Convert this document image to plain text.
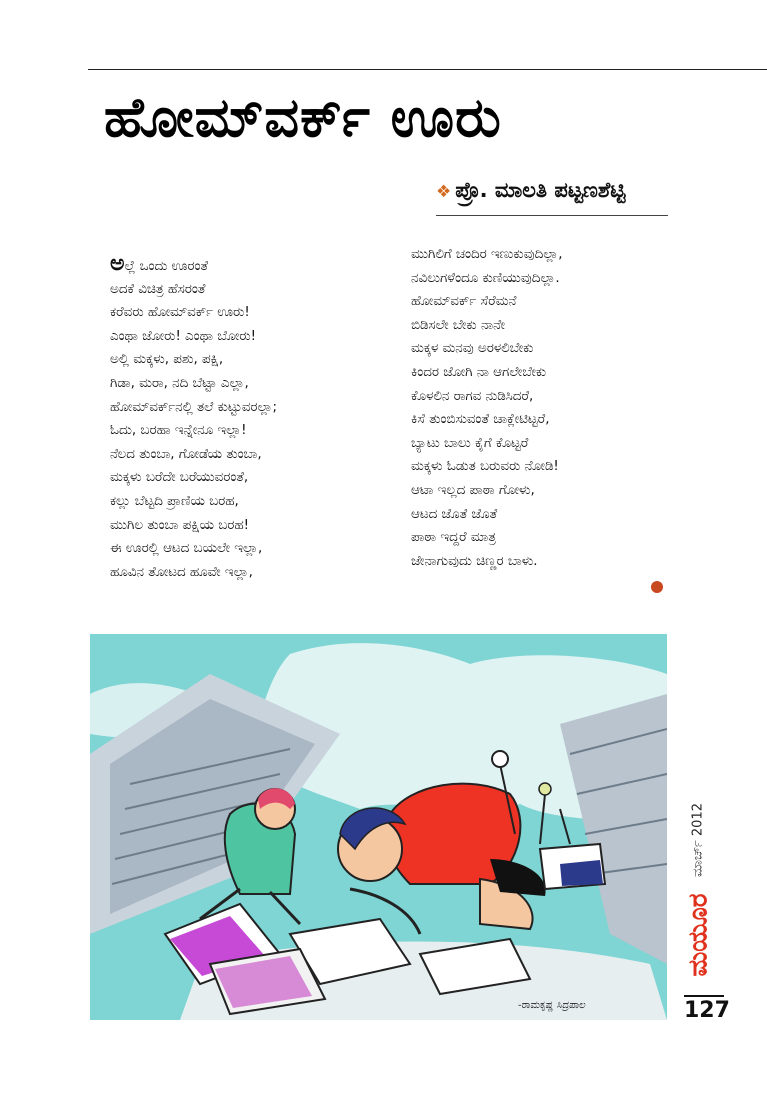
ಹೋಮ್‌ವರ್ಕ್ ಊರು
❖ ಪ್ರೊ. ಮಾಲತಿ ಪಟ್ಟಣಶೆಟ್ಟಿ
ಅಲ್ಲೆ ಒಂದು ಊರಂತೆ
ಅದಕೆ ವಿಚಿತ್ರ ಹೆಸರಂತೆ
ಕರೆವರು ಹೋಮ್‌ವರ್ಕ್ ಊರು!
ಎಂಥಾ ಜೋರು! ಎಂಥಾ ಬೋರು!
ಅಲ್ಲಿ ಮಕ್ಕಳು, ಪಶು, ಪಕ್ಷಿ,
ಗಿಡಾ, ಮರಾ, ನದಿ ಬೆಟ್ಟಾ ಎಲ್ಲಾ,
ಹೋಮ್‌ವರ್ಕ್‌ನಲ್ಲಿ ತಲೆ ಕುಟ್ಟುವರಲ್ಲಾ;
ಓದು, ಬರಹಾ ಇನ್ನೇನೂ ಇಲ್ಲಾ!
ನೆಲದ ತುಂಬಾ, ಗೋಡೆಯ ತುಂಬಾ,
ಮಕ್ಕಳು ಬರೆದೇ ಬರೆಯುವರಂತೆ,
ಕಲ್ಲು ಬೆಟ್ಟದಿ ಪ್ರಾಣಿಯ ಬರಹ,
ಮುಗಿಲ ತುಂಬಾ ಪಕ್ಷಿಯ ಬರಹ!
ಈ ಊರಲ್ಲಿ ಆಟದ ಬಯಲೇ ಇಲ್ಲಾ,
ಹೂವಿನ ತೋಟದ ಹೂವೇ ಇಲ್ಲಾ,
ಮುಗಿಲಿಗೆ ಚಂದಿರ ಇಣುಕುವುದಿಲ್ಲಾ,
ನವಿಲುಗಳೆಂದೂ ಕುಣಿಯುವುದಿಲ್ಲಾ.
ಹೋಮ್‌ವರ್ಕ್ ಸೆರೆಮನೆ
ಬಿಡಿಸಲೇ ಬೇಕು ನಾನೇ
ಮಕ್ಕಳ ಮನವು ಅರಳಲಿಬೇಕು
ಕಿಂದರ ಜೋಗಿ ನಾ ಆಗಲೇಬೇಕು
ಕೊಳಲಿನ ರಾಗವ ನುಡಿಸಿದರೆ,
ಕಿಸೆ ತುಂಬಿಸುವಂತೆ ಚಾಕ್ಲೇಟಿಟ್ಟರೆ,
ಬ್ಯಾಟು ಬಾಲು ಕೈಗೆ ಕೊಟ್ಟರೆ
ಮಕ್ಕಳು ಓಡುತ ಬರುವರು ನೋಡಿ!
ಆಟಾ ಇಲ್ಲದ ಪಾಠಾ ಗೋಳು,
ಆಟದ ಜೊತೆ ಜೊತೆ
ಪಾಠಾ ಇದ್ದರೆ ಮಾತ್ರ
ಜೇನಾಗುವುದು ಚಿಣ್ಣರ ಬಾಳು.
-ರಾಮಕೃಷ್ಣ ಸಿದ್ರಪಾಲ
ಮಾರ್ಚ್ 2012
ಮಯೂರ
127
